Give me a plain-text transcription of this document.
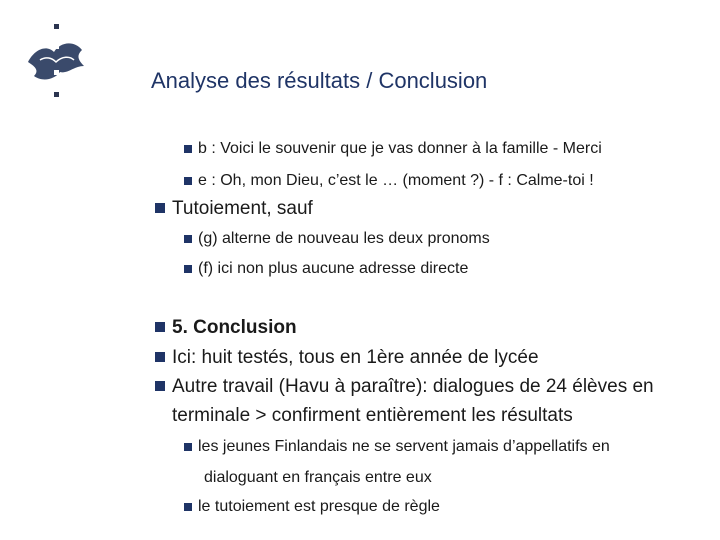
Analyse des résultats / Conclusion
b : Voici le souvenir que je vas donner à la famille - Merci
e : Oh, mon Dieu, c’est le … (moment ?) - f : Calme-toi !
Tutoiement, sauf
(g) alterne de nouveau les deux pronoms
(f) ici non plus aucune adresse directe
5. Conclusion
Ici: huit testés, tous en 1ère année de lycée
Autre travail (Havu à paraître): dialogues de 24 élèves en
terminale > confirment entièrement les résultats
les jeunes Finlandais ne se servent jamais d’appellatifs en
dialoguant en français entre eux
le tutoiement est presque de règle
